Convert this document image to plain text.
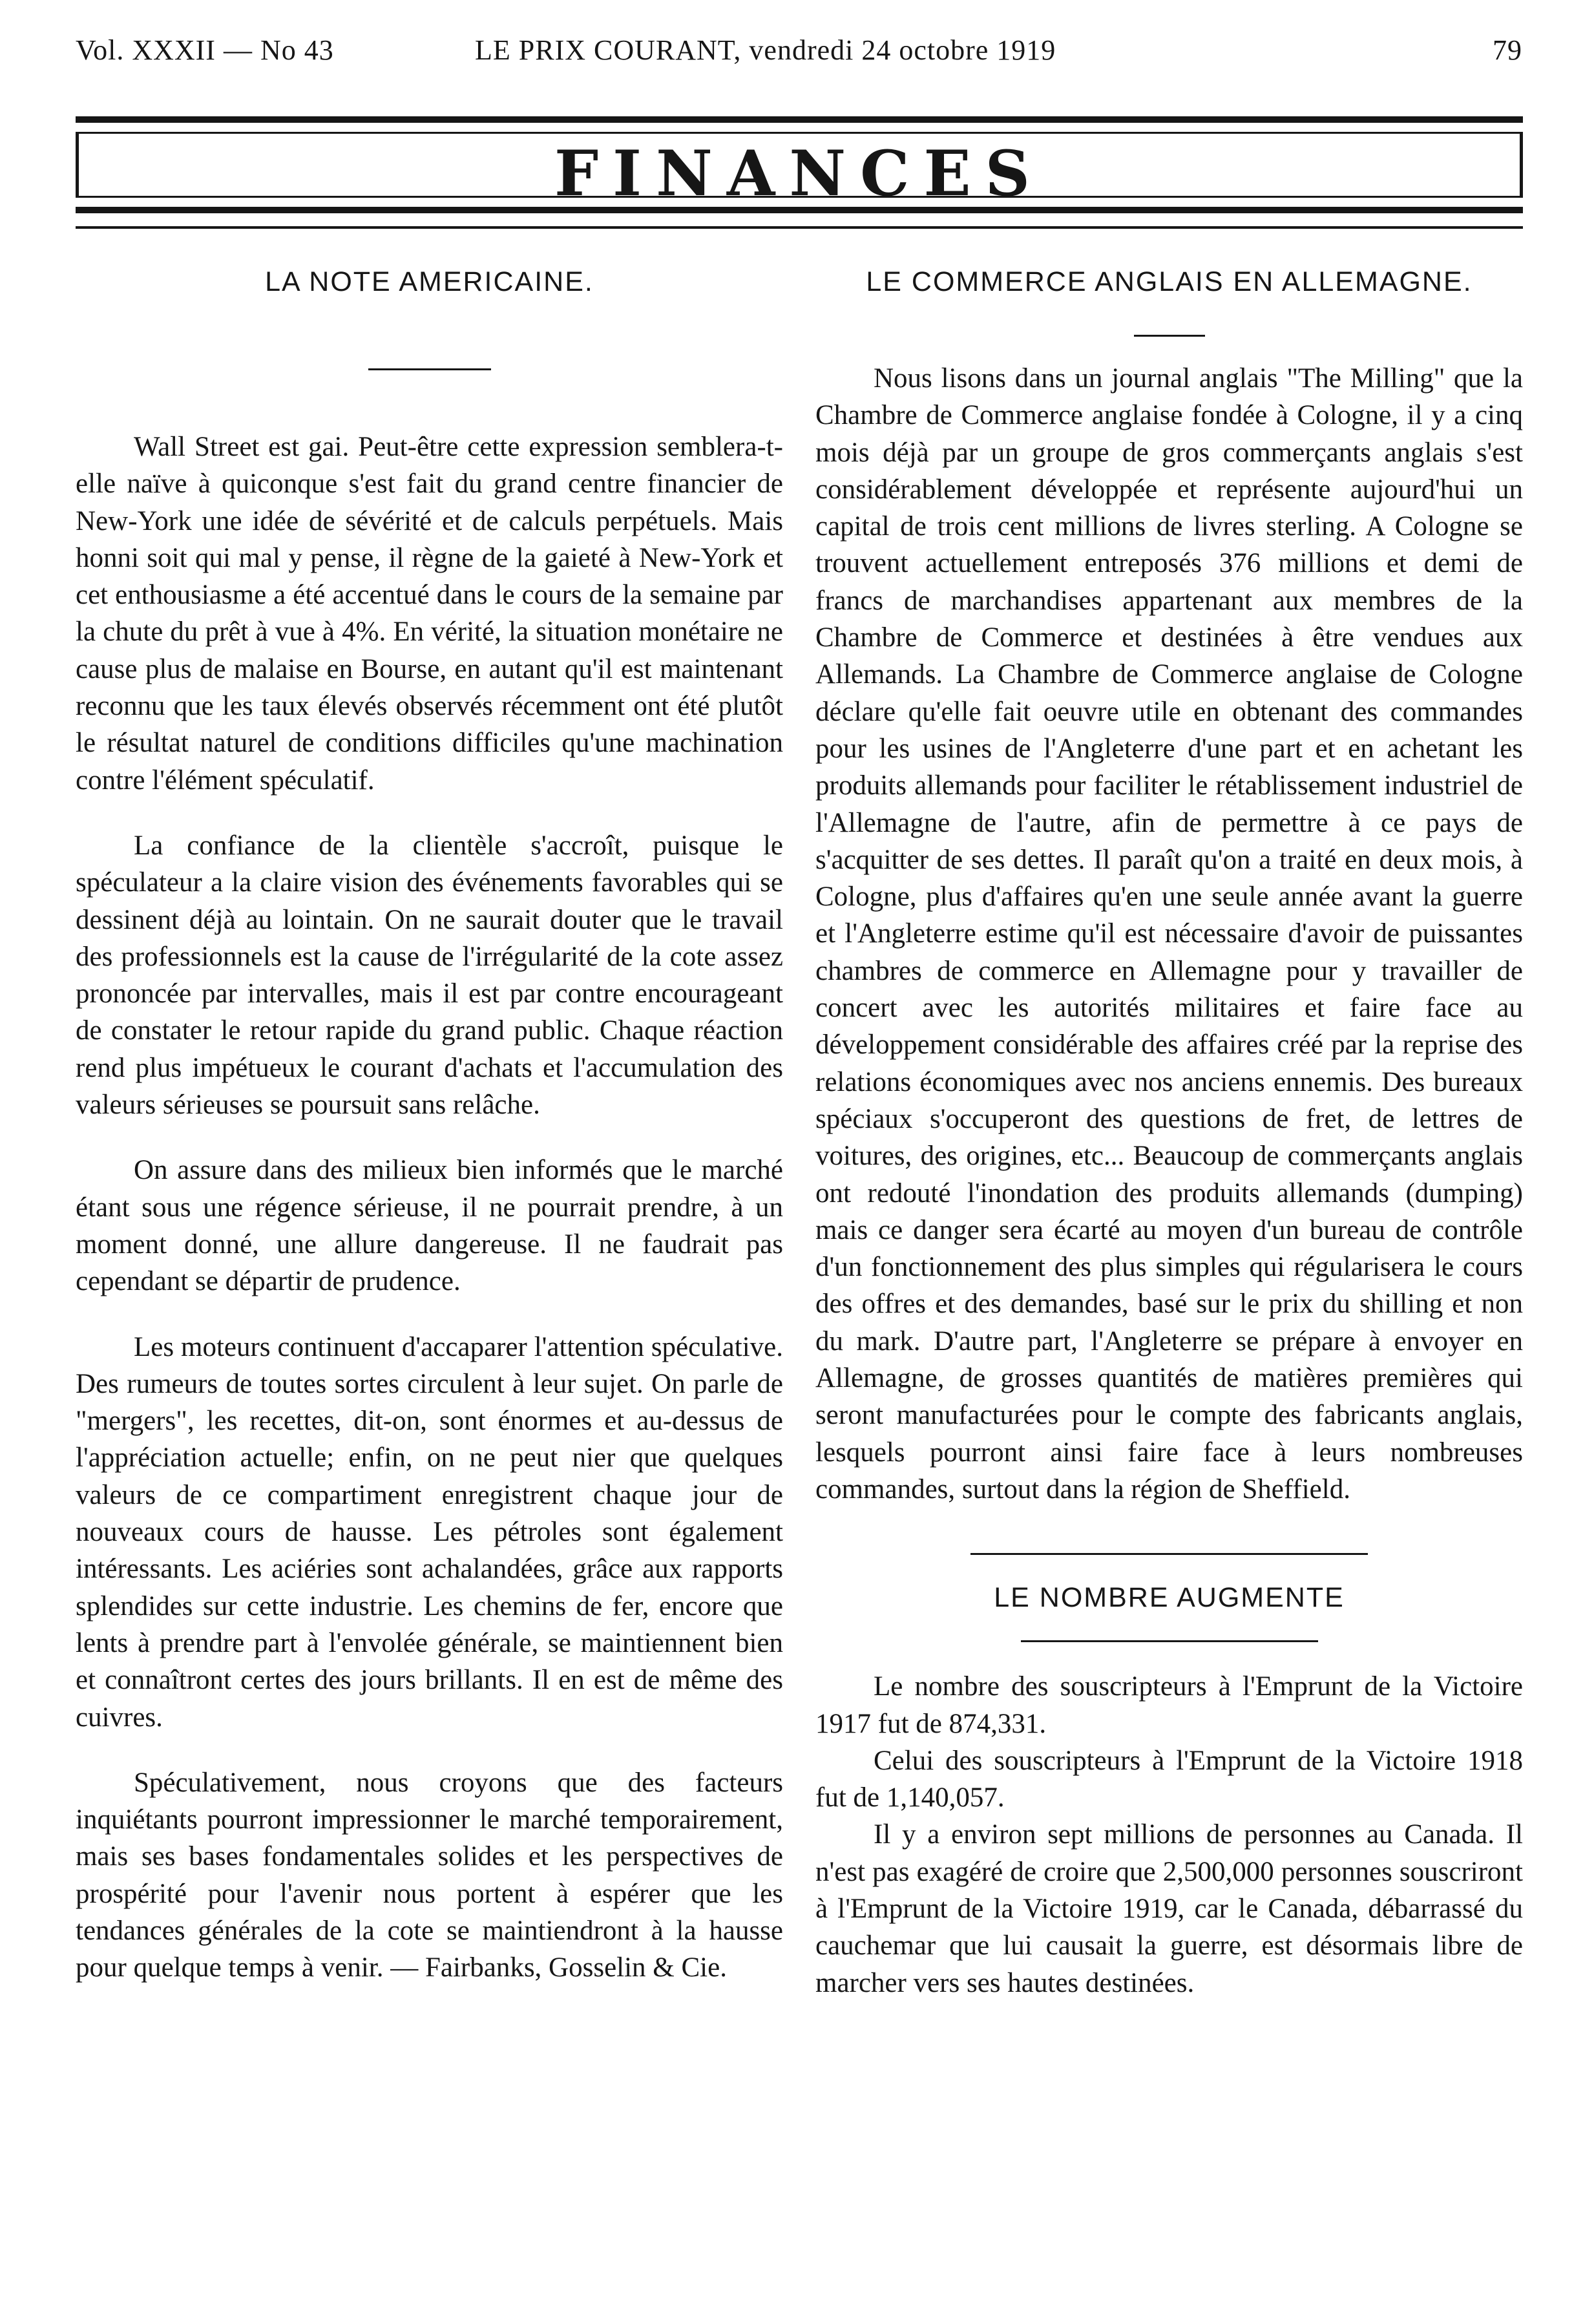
Vol. XXXII — No 43	LE PRIX COURANT, vendredi 24 octobre 1919	79
FINANCES
LA NOTE AMERICAINE.

Wall Street est gai. Peut-être cette expression semblera-t-elle naïve à quiconque s'est fait du grand centre financier de New-York une idée de sévérité et de calculs perpétuels. Mais honni soit qui mal y pense, il règne de la gaieté à New-York et cet enthousiasme a été accentué dans le cours de la semaine par la chute du prêt à vue à 4%. En vérité, la situation monétaire ne cause plus de malaise en Bourse, en autant qu'il est maintenant reconnu que les taux élevés observés récemment ont été plutôt le résultat naturel de conditions difficiles qu'une machination contre l'élément spéculatif.

La confiance de la clientèle s'accroît, puisque le spéculateur a la claire vision des événements favorables qui se dessinent déjà au lointain. On ne saurait douter que le travail des professionnels est la cause de l'irrégularité de la cote assez prononcée par intervalles, mais il est par contre encourageant de constater le retour rapide du grand public. Chaque réaction rend plus impétueux le courant d'achats et l'accumulation des valeurs sérieuses se poursuit sans relâche.

On assure dans des milieux bien informés que le marché étant sous une régence sérieuse, il ne pourrait prendre, à un moment donné, une allure dangereuse. Il ne faudrait pas cependant se départir de prudence.

Les moteurs continuent d'accaparer l'attention spéculative. Des rumeurs de toutes sortes circulent à leur sujet. On parle de "mergers", les recettes, dit-on, sont énormes et au-dessus de l'appréciation actuelle; enfin, on ne peut nier que quelques valeurs de ce compartiment enregistrent chaque jour de nouveaux cours de hausse. Les pétroles sont également intéressants. Les aciéries sont achalandées, grâce aux rapports splendides sur cette industrie. Les chemins de fer, encore que lents à prendre part à l'envolée générale, se maintiennent bien et connaîtront certes des jours brillants. Il en est de même des cuivres.

Spéculativement, nous croyons que des facteurs inquiétants pourront impressionner le marché temporairement, mais ses bases fondamentales solides et les perspectives de prospérité pour l'avenir nous portent à espérer que les tendances générales de la cote se maintiendront à la hausse pour quelque temps à venir. — Fairbanks, Gosselin & Cie.

LE COMMERCE ANGLAIS EN ALLEMAGNE.

Nous lisons dans un journal anglais "The Milling" que la Chambre de Commerce anglaise fondée à Cologne, il y a cinq mois déjà par un groupe de gros commerçants anglais s'est considérablement développée et représente aujourd'hui un capital de trois cent millions de livres sterling. A Cologne se trouvent actuellement entreposés 376 millions et demi de francs de marchandises appartenant aux membres de la Chambre de Commerce et destinées à être vendues aux Allemands. La Chambre de Commerce anglaise de Cologne déclare qu'elle fait oeuvre utile en obtenant des commandes pour les usines de l'Angleterre d'une part et en achetant les produits allemands pour faciliter le rétablissement industriel de l'Allemagne de l'autre, afin de permettre à ce pays de s'acquitter de ses dettes. Il paraît qu'on a traité en deux mois, à Cologne, plus d'affaires qu'en une seule année avant la guerre et l'Angleterre estime qu'il est nécessaire d'avoir de puissantes chambres de commerce en Allemagne pour y travailler de concert avec les autorités militaires et faire face au développement considérable des affaires créé par la reprise des relations économiques avec nos anciens ennemis. Des bureaux spéciaux s'occuperont des questions de fret, de lettres de voitures, des origines, etc... Beaucoup de commerçants anglais ont redouté l'inondation des produits allemands (dumping) mais ce danger sera écarté au moyen d'un bureau de contrôle d'un fonctionnement des plus simples qui régularisera le cours des offres et des demandes, basé sur le prix du shilling et non du mark. D'autre part, l'Angleterre se prépare à envoyer en Allemagne, de grosses quantités de matières premières qui seront manufacturées pour le compte des fabricants anglais, lesquels pourront ainsi faire face à leurs nombreuses commandes, surtout dans la région de Sheffield.

LE NOMBRE AUGMENTE

Le nombre des souscripteurs à l'Emprunt de la Victoire 1917 fut de 874,331.

Celui des souscripteurs à l'Emprunt de la Victoire 1918 fut de 1,140,057.

Il y a environ sept millions de personnes au Canada. Il n'est pas exagéré de croire que 2,500,000 personnes souscriront à l'Emprunt de la Victoire 1919, car le Canada, débarrassé du cauchemar que lui causait la guerre, est désormais libre de marcher vers ses hautes destinées.
